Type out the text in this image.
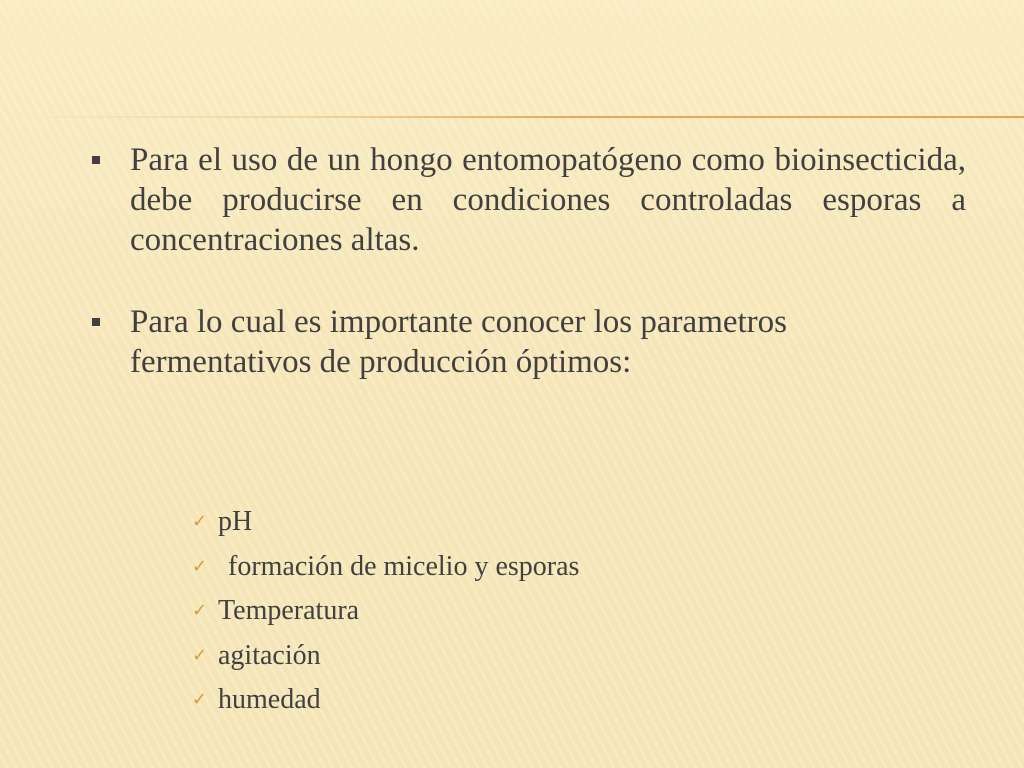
Para el uso de un hongo entomopatógeno como bioinsecticida, debe producirse en condiciones controladas esporas a concentraciones altas.
Para lo cual es importante conocer los parametros fermentativos de producción óptimos:
✓ pH
✓ formación de micelio y esporas
✓ Temperatura
✓ agitación
✓ humedad
